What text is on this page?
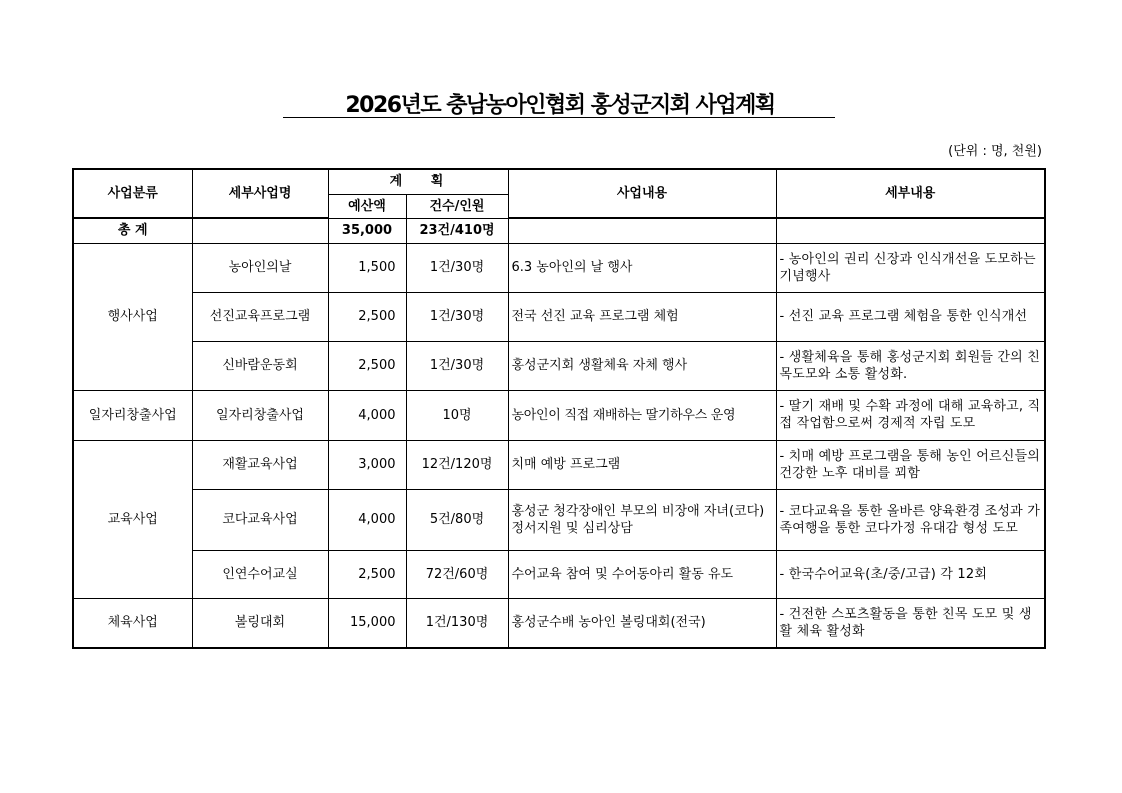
2026년도 충남농아인협회 홍성군지회 사업계획
(단위 : 명, 천원)
사업분류	세부사업명	계 획		사업내용	세부내용
		예산액	건수/인원		
총 계		35,000	23건/410명		
행사사업	농아인의날	1,500	1건/30명	6.3 농아인의 날 행사	- 농아인의 권리 신장과 인식개선을 도모하는 기념행사
	선진교육프로그램	2,500	1건/30명	전국 선진 교육 프로그램 체험	- 선진 교육 프로그램 체험을 통한 인식개선
	신바람운동회	2,500	1건/30명	홍성군지회 생활체육 자체 행사	- 생활체육을 통해 홍성군지회 회원들 간의 친목도모와 소통 활성화.
일자리창출사업	일자리창출사업	4,000	10명	농아인이 직접 재배하는 딸기하우스 운영	- 딸기 재배 및 수확 과정에 대해 교육하고, 직접 작업함으로써 경제적 자립 도모
교육사업	재활교육사업	3,000	12건/120명	치매 예방 프로그램	- 치매 예방 프로그램을 통해 농인 어르신들의 건강한 노후 대비를 꾀함
	코다교육사업	4,000	5건/80명	홍성군 청각장애인 부모의 비장애 자녀(코다) 정서지원 및 심리상담	- 코다교육을 통한 올바른 양육환경 조성과 가족여행을 통한 코다가정 유대감 형성 도모
	인연수어교실	2,500	72건/60명	수어교육 참여 및 수어동아리 활동 유도	- 한국수어교육(초/중/고급) 각 12회
체육사업	볼링대회	15,000	1건/130명	홍성군수배 농아인 볼링대회(전국)	- 건전한 스포츠활동을 통한 친목 도모 및 생활 체육 활성화
